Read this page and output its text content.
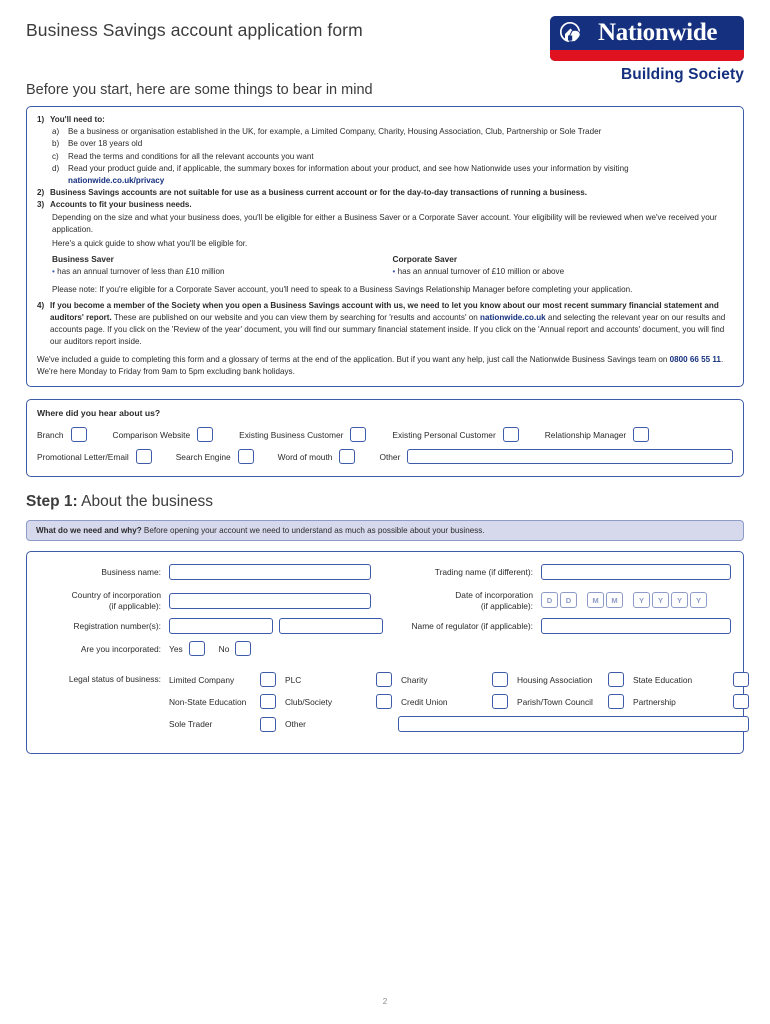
Business Savings account application form	Nationwide
Building Society
Before you start, here are some things to bear in mind
1) You'll need to:
a)	Be a business or organisation established in the UK, for example, a Limited Company, Charity, Housing Association, Club, Partnership or Sole Trader
b)	Be over 18 years old
c)	Read the terms and conditions for all the relevant accounts you want
d)	Read your product guide and, if applicable, the summary boxes for information about your product, and see how Nationwide uses your information by visiting
nationwide.co.uk/privacy
2) Business Savings accounts are not suitable for use as a business current account or for the day-to-day transactions of running a business.
3) Accounts to fit your business needs.
Depending on the size and what your business does, you'll be eligible for either a Business Saver or a Corporate Saver account. Your eligibility will be reviewed when we've received your application.
Here's a quick guide to show what you'll be eligible for.
Business Saver
• has an annual turnover of less than £10 million
Corporate Saver
• has an annual turnover of £10 million or above
Please note: If you're eligible for a Corporate Saver account, you'll need to speak to a Business Savings Relationship Manager before completing your application.
4) If you become a member of the Society when you open a Business Savings account with us, we need to let you know about our most recent summary financial statement and auditors' report. These are published on our website and you can view them by searching for 'results and accounts' on nationwide.co.uk and selecting the relevant year on our results and accounts page. If you click on the 'Review of the year' document, you will find our summary financial statement inside. If you click on the 'Annual report and accounts' document, you will find our auditors report inside.
We've included a guide to completing this form and a glossary of terms at the end of the application. But if you want any help, just call the Nationwide Business Savings team on 0800 66 55 11. We're here Monday to Friday from 9am to 5pm excluding bank holidays.
Where did you hear about us?
Branch	Comparison Website	Existing Business Customer	Existing Personal Customer	Relationship Manager
Promotional Letter/Email	Search Engine	Word of mouth	Other
Step 1: About the business
What do we need and why? Before opening your account we need to understand as much as possible about your business.
Business name:
Country of incorporation
(if applicable):
Registration number(s):
Are you incorporated: Yes	No
Trading name (if different):
Date of incorporation
(if applicable):
D	D	M	M	Y	Y	Y	Y
Name of regulator (if applicable):
Legal status of business: Limited Company	PLC	Charity	Housing Association	State Education
Non-State Education	Club/Society	Credit Union	Parish/Town Council	Partnership
Sole Trader	Other
2
